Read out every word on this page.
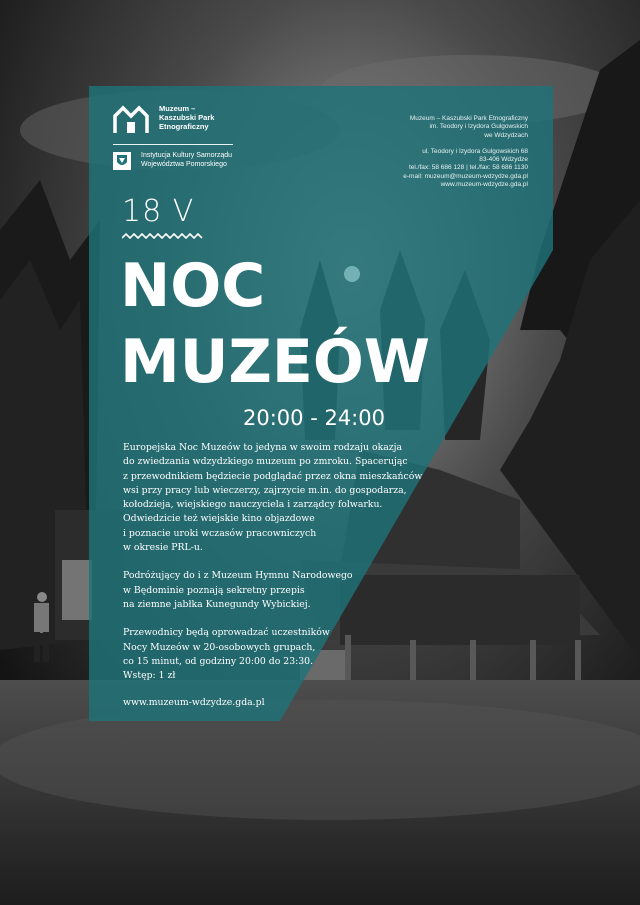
Muzeum –
Kaszubski Park
Etnograficzny
Instytucja Kultury Samorządu
Województwa Pomorskiego
Muzeum – Kaszubski Park Etnograficzny
im. Teodory i Izydora Gulgowskich
we Wdzydzach
ul. Teodory i Izydora Gulgowskich 68
83-406 Wdzydze
tel./fax: 58 686 128 | tel./fax: 58 686 1130
e-mail: muzeum@muzeum-wdzydze.gda.pl
www.muzeum-wdzydze.gda.pl
18 V
NOC
MUZEÓW
20:00 - 24:00

Europejska Noc Muzeów to jedyna w swoim rodzaju okazja
do zwiedzania wdzydzkiego muzeum po zmroku. Spacerując
z przewodnikiem będziecie podglądać przez okna mieszkańców
wsi przy pracy lub wieczerzy, zajrzycie m.in. do gospodarza,
kołodzieja, wiejskiego nauczyciela i zarządcy folwarku.
Odwiedzicie też wiejskie kino objazdowe
i poznacie uroki wczasów pracowniczych
w okresie PRL-u.

Podróżujący do i z Muzeum Hymnu Narodowego
w Będominie poznają sekretny przepis
na ziemne jabłka Kunegundy Wybickiej.

Przewodnicy będą oprowadzać uczestników
Nocy Muzeów w 20-osobowych grupach,
co 15 minut, od godziny 20:00 do 23:30.
Wstęp: 1 zł

www.muzeum-wdzydze.gda.pl
